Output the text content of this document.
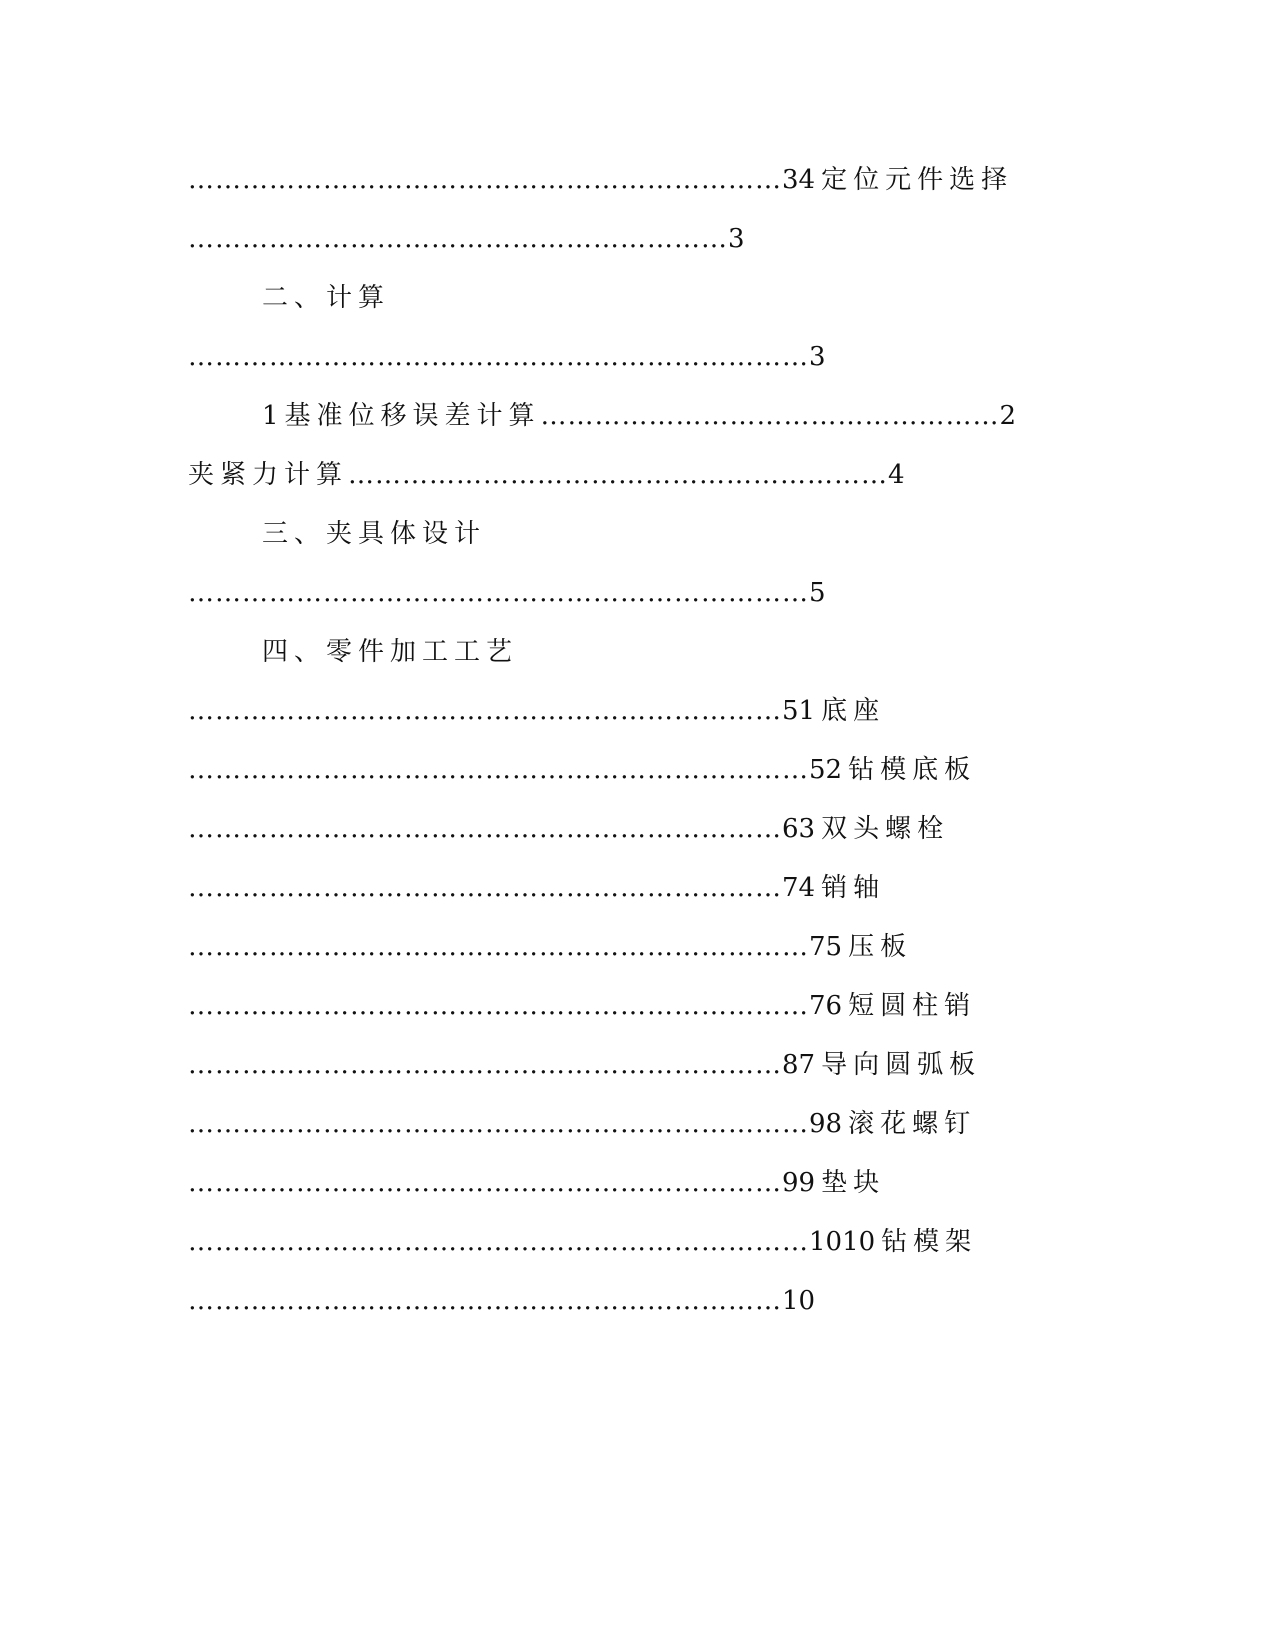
…………………………………………………………34 定位元件选择
……………………………………………………3
二、计算
……………………………………………………………3
1基准位移误差计算……………………………………………2
夹紧力计算……………………………………………………4
三、夹具体设计
……………………………………………………………5
四、零件加工工艺
…………………………………………………………51 底座
……………………………………………………………52 钻模底板
…………………………………………………………63 双头螺栓
…………………………………………………………74 销轴
……………………………………………………………75 压板
……………………………………………………………76 短圆柱销
…………………………………………………………87 导向圆弧板
……………………………………………………………98 滚花螺钉
…………………………………………………………99 垫块
……………………………………………………………1010 钻模架
…………………………………………………………10
